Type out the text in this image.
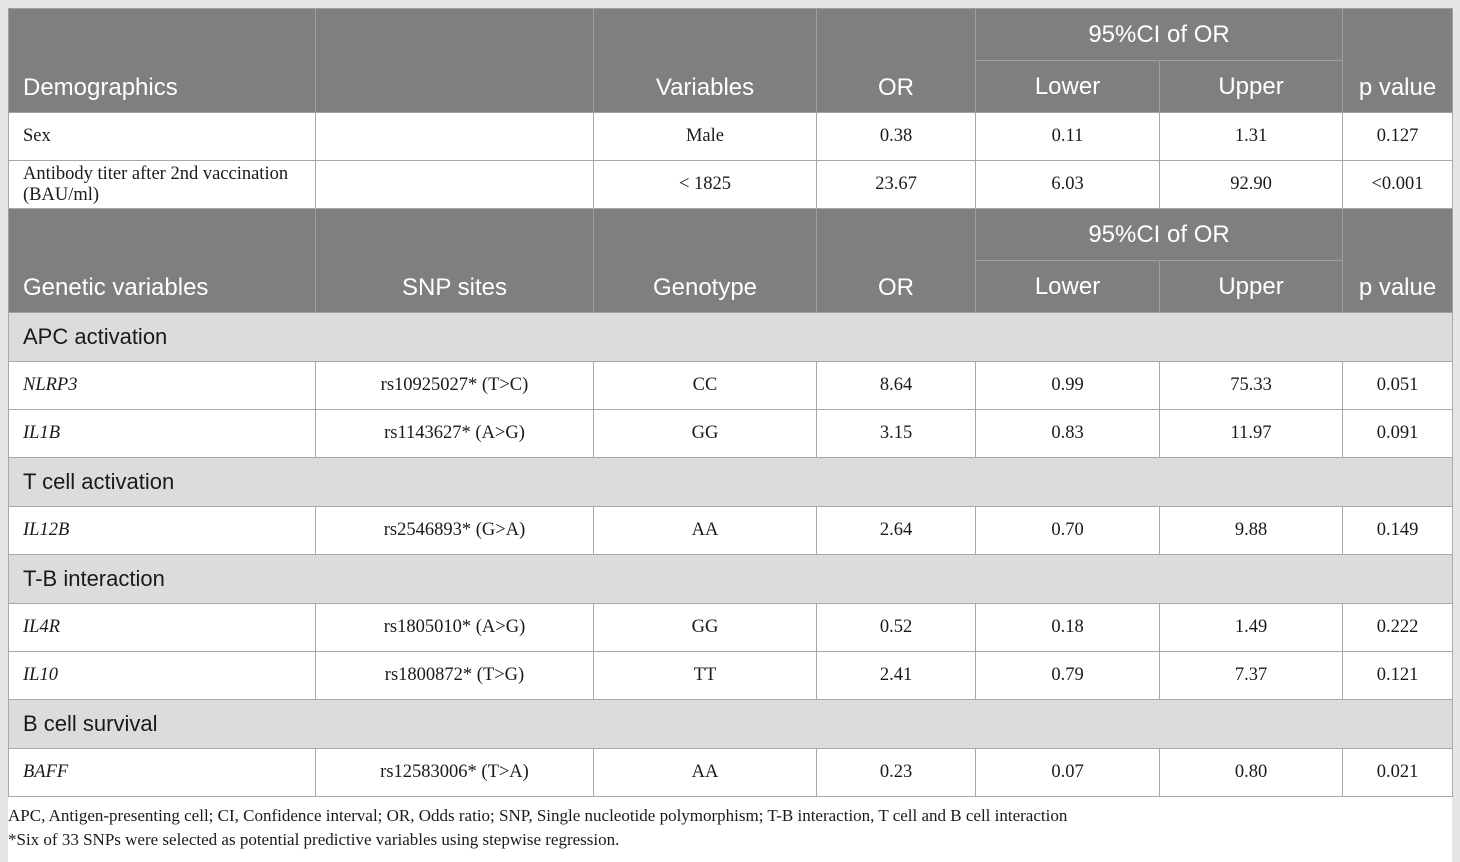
Demographics		Variables	OR	95%CI of OR		p value
				Lower	Upper	
Sex		Male	0.38	0.11	1.31	0.127
Antibody titer after 2nd vaccination (BAU/ml)		< 1825	23.67	6.03	92.90	<0.001
Genetic variables	SNP sites	Genotype	OR	95%CI of OR		p value
				Lower	Upper	
APC activation						
NLRP3	rs10925027* (T>C)	CC	8.64	0.99	75.33	0.051
IL1B	rs1143627* (A>G)	GG	3.15	0.83	11.97	0.091
T cell activation						
IL12B	rs2546893* (G>A)	AA	2.64	0.70	9.88	0.149
T-B interaction						
IL4R	rs1805010* (A>G)	GG	0.52	0.18	1.49	0.222
IL10	rs1800872* (T>G)	TT	2.41	0.79	7.37	0.121
B cell survival						
BAFF	rs12583006* (T>A)	AA	0.23	0.07	0.80	0.021
APC, Antigen-presenting cell; CI, Confidence interval; OR, Odds ratio; SNP, Single nucleotide polymorphism; T-B interaction, T cell and B cell interaction
*Six of 33 SNPs were selected as potential predictive variables using stepwise regression.
